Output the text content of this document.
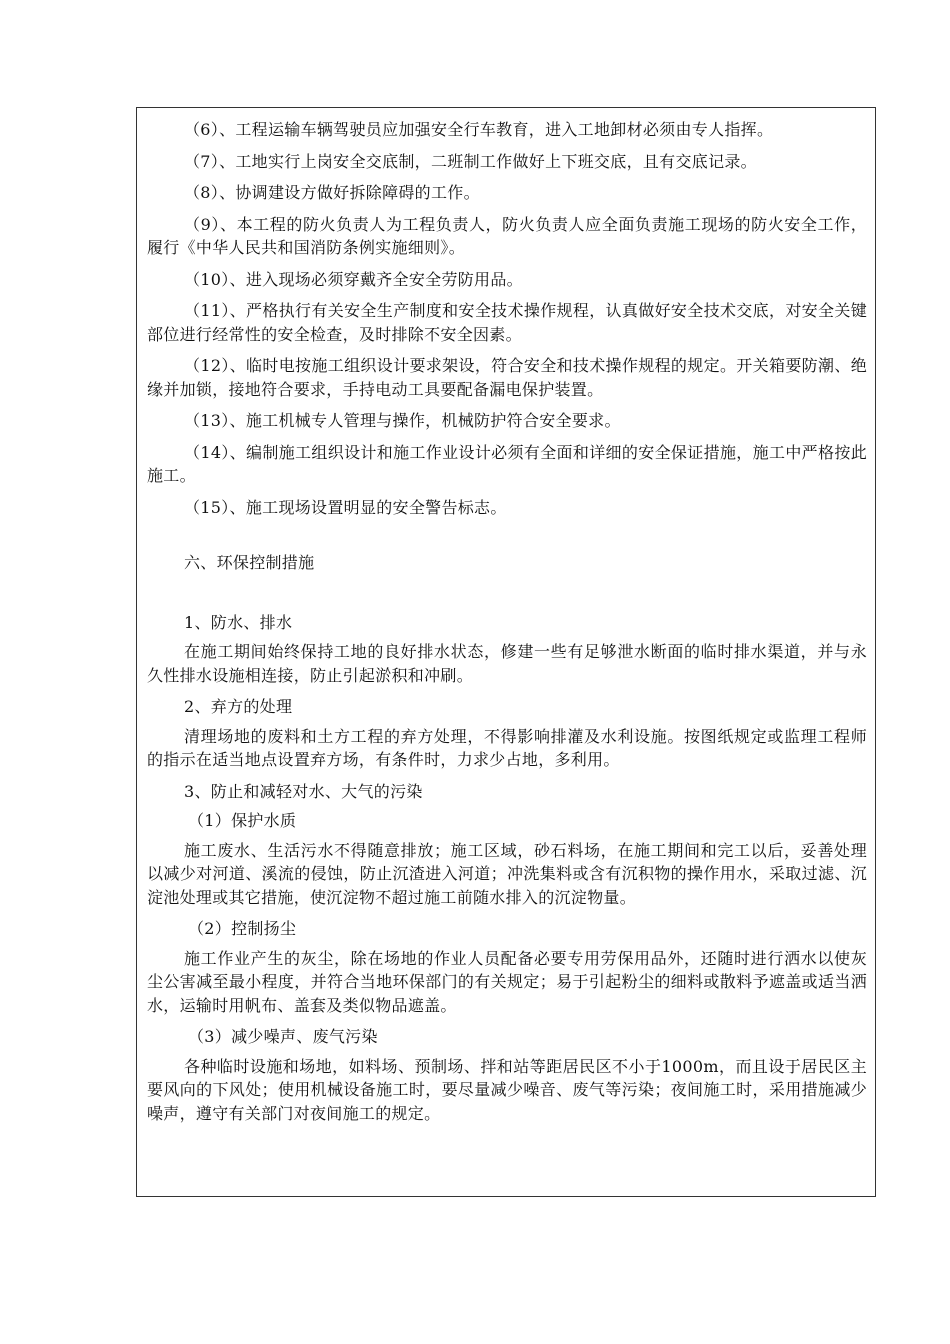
（6）、工程运输车辆驾驶员应加强安全行车教育，进入工地卸材必须由专人指挥。

（7）、工地实行上岗安全交底制，二班制工作做好上下班交底，且有交底记录。

（8）、协调建设方做好拆除障碍的工作。

（9）、本工程的防火负责人为工程负责人，防火负责人应全面负责施工现场的防火安全工作，履行《中华人民共和国消防条例实施细则》。

（10）、进入现场必须穿戴齐全安全劳防用品。

（11）、严格执行有关安全生产制度和安全技术操作规程，认真做好安全技术交底，对安全关键部位进行经常性的安全检查，及时排除不安全因素。

（12）、临时电按施工组织设计要求架设，符合安全和技术操作规程的规定。开关箱要防潮、绝缘并加锁，接地符合要求，手持电动工具要配备漏电保护装置。

（13）、施工机械专人管理与操作，机械防护符合安全要求。

（14）、编制施工组织设计和施工作业设计必须有全面和详细的安全保证措施，施工中严格按此施工。

（15）、施工现场设置明显的安全警告标志。

六、环保控制措施

1、防水、排水

在施工期间始终保持工地的良好排水状态，修建一些有足够泄水断面的临时排水渠道，并与永久性排水设施相连接，防止引起淤积和冲刷。

2、弃方的处理

清理场地的废料和土方工程的弃方处理，不得影响排灌及水利设施。按图纸规定或监理工程师的指示在适当地点设置弃方场，有条件时，力求少占地，多利用。

3、防止和减轻对水、大气的污染

（1）保护水质

施工废水、生活污水不得随意排放；施工区域，砂石料场，在施工期间和完工以后，妥善处理以减少对河道、溪流的侵蚀，防止沉渣进入河道；冲洗集料或含有沉积物的操作用水，采取过滤、沉淀池处理或其它措施，使沉淀物不超过施工前随水排入的沉淀物量。

（2）控制扬尘

施工作业产生的灰尘，除在场地的作业人员配备必要专用劳保用品外，还随时进行洒水以使灰尘公害减至最小程度，并符合当地环保部门的有关规定；易于引起粉尘的细料或散料予遮盖或适当洒水，运输时用帆布、盖套及类似物品遮盖。

（3）减少噪声、废气污染

各种临时设施和场地，如料场、预制场、拌和站等距居民区不小于1000m，而且设于居民区主要风向的下风处；使用机械设备施工时，要尽量减少噪音、废气等污染；夜间施工时，采用措施减少噪声，遵守有关部门对夜间施工的规定。
